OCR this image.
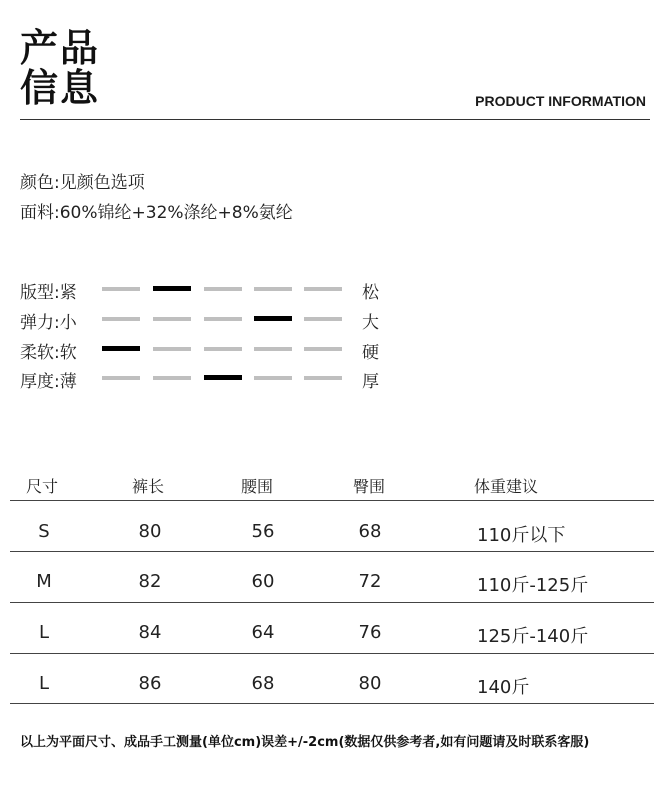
产品
信息	PRODUCT INFORMATION
颜色:见颜色选项
面料:60%锦纶+32%涤纶+8%氨纶
版型:紧	松
弹力:小	大
柔软:软	硬
厚度:薄	厚
尺寸	裤长	腰围	臀围	体重建议
S	80	56	68	110斤以下
M	82	60	72	110斤-125斤
L	84	64	76	125斤-140斤
L	86	68	80	140斤
以上为平面尺寸、成品手工测量(单位cm)误差+/-2cm(数据仅供参考者,如有问题请及时联系客服)
